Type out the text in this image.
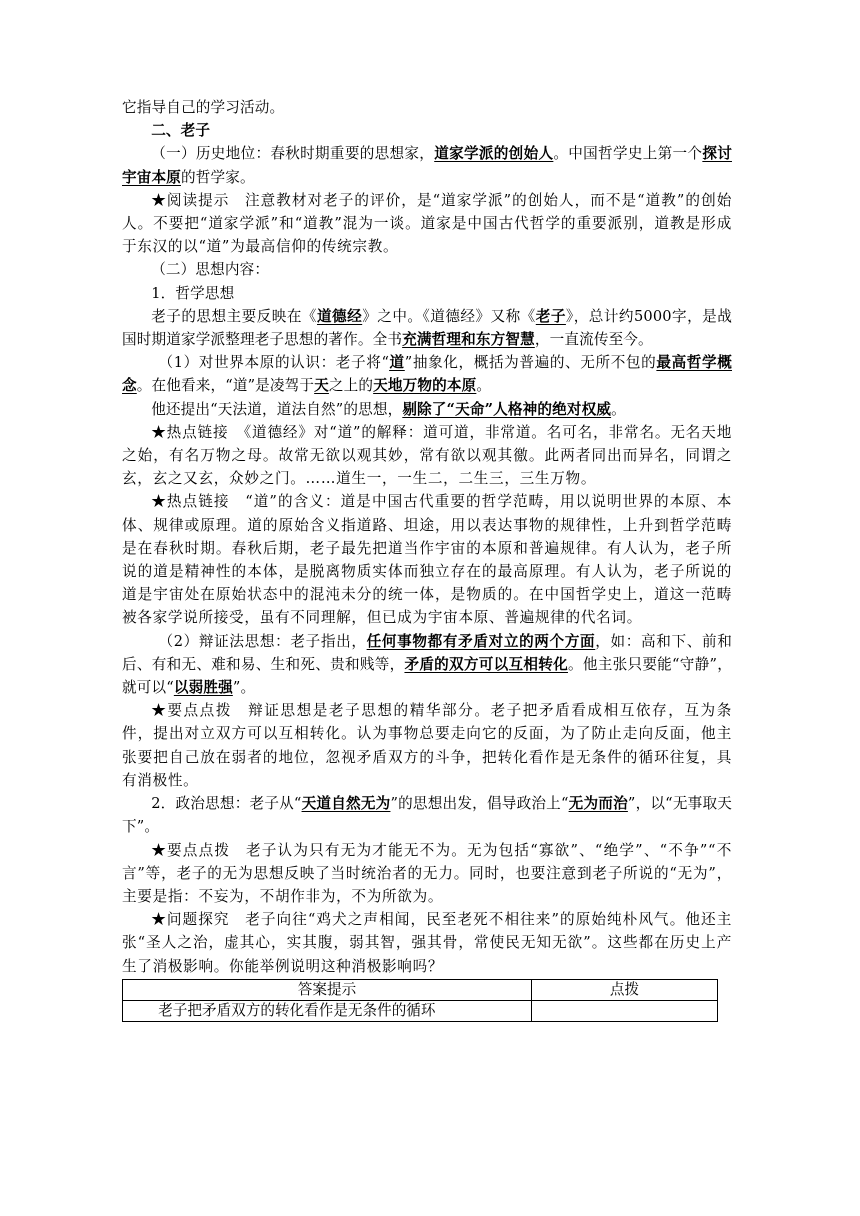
它指导自己的学习活动。

二、老子

（一）历史地位：春秋时期重要的思想家，道家学派的创始人。中国哲学史上第一个探讨宇宙本原的哲学家。

★阅读提示　注意教材对老子的评价，是“道家学派”的创始人，而不是“道教”的创始人。不要把“道家学派”和“道教”混为一谈。道家是中国古代哲学的重要派别，道教是形成于东汉的以“道”为最高信仰的传统宗教。

（二）思想内容：

1．哲学思想

老子的思想主要反映在《道德经》之中。《道德经》又称《老子》，总计约5000字，是战国时期道家学派整理老子思想的著作。全书充满哲理和东方智慧，一直流传至今。

（1）对世界本原的认识：老子将“道”抽象化，概括为普遍的、无所不包的最高哲学概念。在他看来，“道”是凌驾于天之上的天地万物的本原。

他还提出“天法道，道法自然”的思想，剔除了“天命”人格神的绝对权威。

★热点链接　《道德经》对“道”的解释：道可道，非常道。名可名，非常名。无名天地之始，有名万物之母。故常无欲以观其妙，常有欲以观其徼。此两者同出而异名，同谓之玄，玄之又玄，众妙之门。……道生一，一生二，二生三，三生万物。

★热点链接　“道”的含义：道是中国古代重要的哲学范畴，用以说明世界的本原、本体、规律或原理。道的原始含义指道路、坦途，用以表达事物的规律性，上升到哲学范畴是在春秋时期。春秋后期，老子最先把道当作宇宙的本原和普遍规律。有人认为，老子所说的道是精神性的本体，是脱离物质实体而独立存在的最高原理。有人认为，老子所说的道是宇宙处在原始状态中的混沌未分的统一体，是物质的。在中国哲学史上，道这一范畴被各家学说所接受，虽有不同理解，但已成为宇宙本原、普遍规律的代名词。

（2）辩证法思想：老子指出，任何事物都有矛盾对立的两个方面，如：高和下、前和后、有和无、难和易、生和死、贵和贱等，矛盾的双方可以互相转化。他主张只要能“守静”，就可以“以弱胜强”。

★要点点拨　辩证思想是老子思想的精华部分。老子把矛盾看成相互依存，互为条件，提出对立双方可以互相转化。认为事物总要走向它的反面，为了防止走向反面，他主张要把自己放在弱者的地位，忽视矛盾双方的斗争，把转化看作是无条件的循环往复，具有消极性。

2．政治思想：老子从“天道自然无为”的思想出发，倡导政治上“无为而治”，以“无事取天下”。

★要点点拨　老子认为只有无为才能无不为。无为包括“寡欲”、“绝学”、“不争”“不言”等，老子的无为思想反映了当时统治者的无力。同时，也要注意到老子所说的“无为”，主要是指：不妄为，不胡作非为，不为所欲为。

★问题探究　老子向往“鸡犬之声相闻，民至老死不相往来”的原始纯朴风气。他还主张“圣人之治，虚其心，实其腹，弱其智，强其骨，常使民无知无欲”。这些都在历史上产生了消极影响。你能举例说明这种消极影响吗？

答案提示	点拨
老子把矛盾双方的转化看作是无条件的循环	
